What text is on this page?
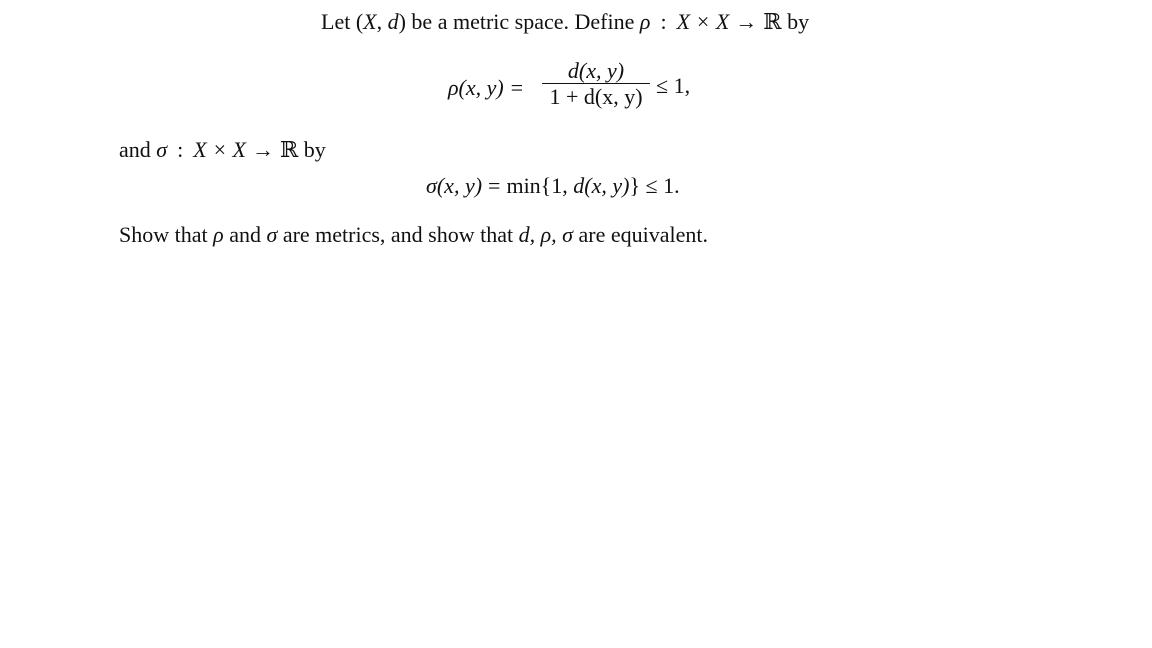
Let (X, d) be a metric space. Define ρ : X × X → ℝ by
ρ(x, y) =
d(x, y)
1 + d(x, y) ≤ 1,
and σ : X × X → ℝ by
σ(x, y) = min{1, d(x, y)} ≤ 1.
Show that ρ and σ are metrics, and show that d, ρ, σ are equivalent.
